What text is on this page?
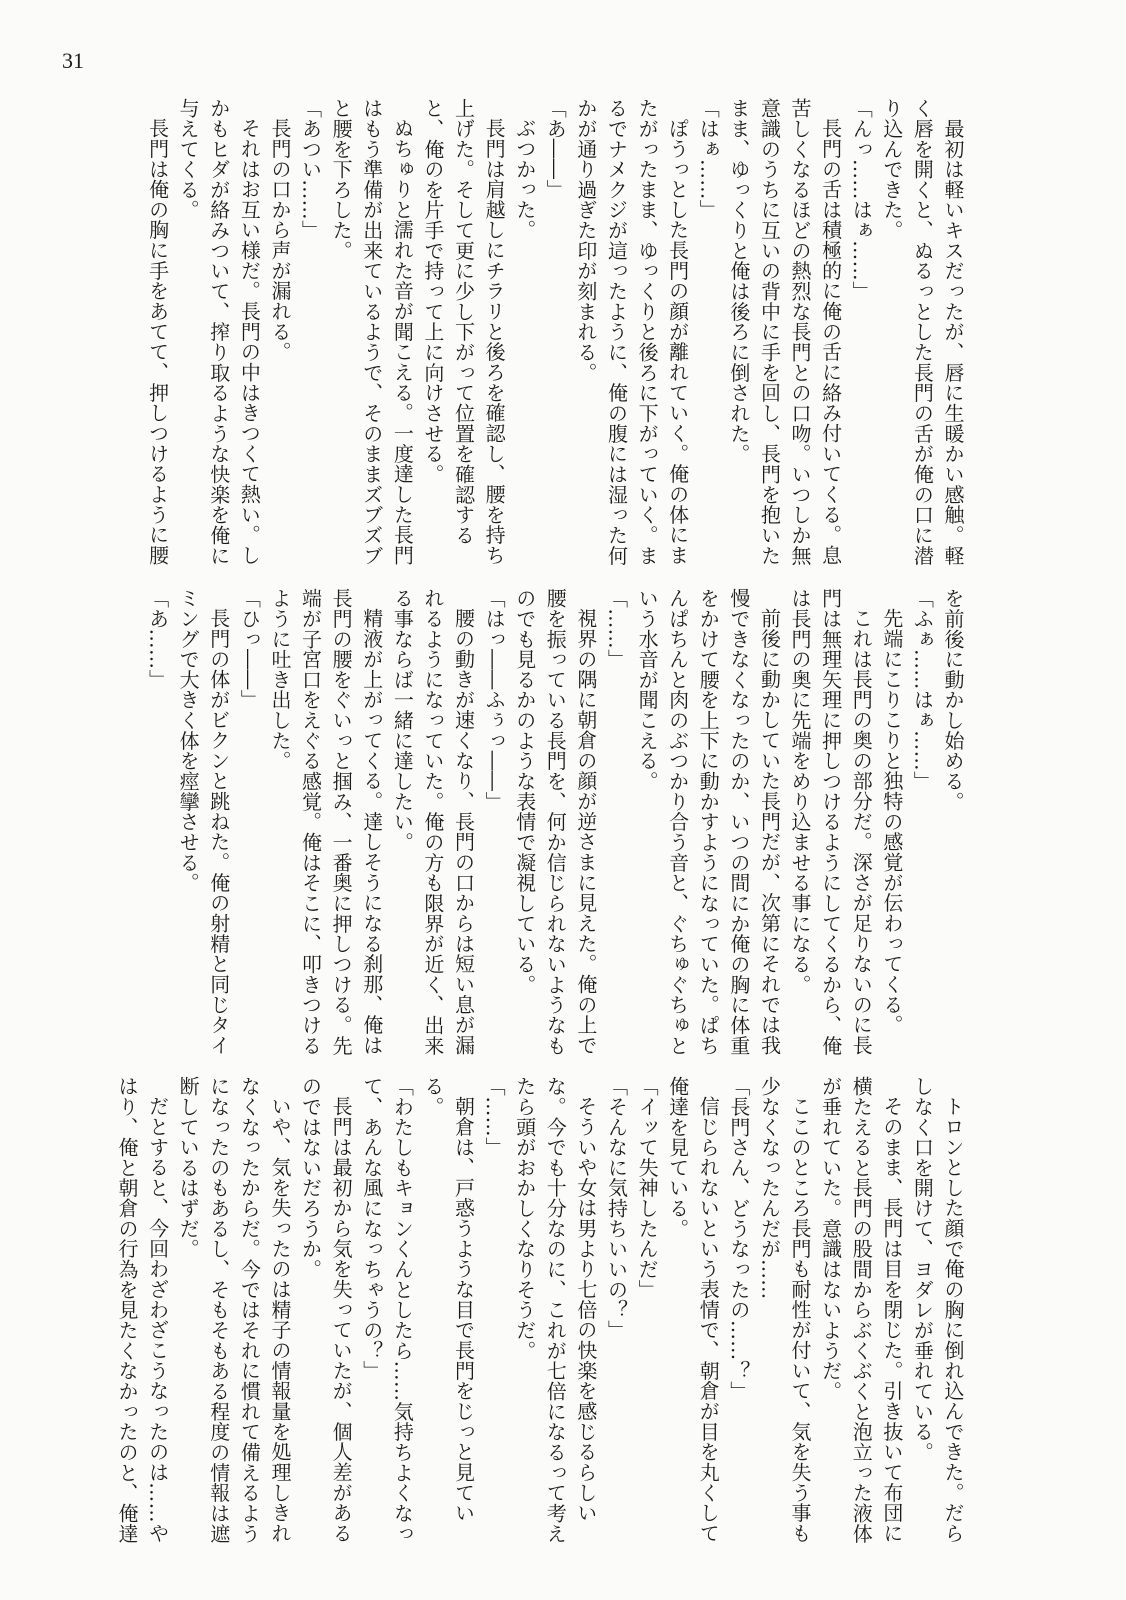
31

　最初は軽いキスだったが、唇に生暖かい感触。軽く唇を開くと、ぬるっとした長門の舌が俺の口に潜り込んできた。

「んっ……はぁ……」

長門の舌は積極的に俺の舌に絡み付いてくる。息苦しくなるほどの熱烈な長門との口吻。いつしか無意識のうちに互いの背中に手を回し、長門を抱いたまま、ゆっくりと俺は後ろに倒された。

「はぁ……」

ぽうっとした長門の顔が離れていく。俺の体にまたがったまま、ゆっくりと後ろに下がっていく。まるでナメクジが這ったように、俺の腹には湿った何かが通り過ぎた印が刻まれる。

「あ――」

ぶつかった。

長門は肩越しにチラリと後ろを確認し、腰を持ち上げた。そして更に少し下がって位置を確認すると、俺のを片手で持って上に向けさせる。

ぬちゅりと濡れた音が聞こえる。一度達した長門はもう準備が出来ているようで、そのままズブズブと腰を下ろした。

「あつい……」

長門の口から声が漏れる。

それはお互い様だ。長門の中はきつくて熱い。しかもヒダが絡みついて、搾り取るような快楽を俺に与えてくる。

長門は俺の胸に手をあてて、押しつけるように腰

を前後に動かし始める。

「ふぁ……はぁ……」

先端にこりこりと独特の感覚が伝わってくる。

これは長門の奥の部分だ。深さが足りないのに長門は無理矢理に押しつけるようにしてくるから、俺は長門の奥に先端をめり込ませる事になる。

前後に動かしていた長門だが、次第にそれでは我慢できなくなったのか、いつの間にか俺の胸に体重をかけて腰を上下に動かすようになっていた。ぱちんぱちんと肉のぶつかり合う音と、ぐちゅぐちゅという水音が聞こえる。

「……」

視界の隅に朝倉の顔が逆さまに見えた。俺の上で腰を振っている長門を、何か信じられないようなものでも見るかのような表情で凝視している。

「はっ――ふぅっ――」

腰の動きが速くなり、長門の口からは短い息が漏れるようになっていた。俺の方も限界が近く、出来る事ならば一緒に達したい。

精液が上がってくる。達しそうになる刹那、俺は長門の腰をぐいっと掴み、一番奥に押しつける。先端が子宮口をえぐる感覚。俺はそこに、叩きつけるように吐き出した。

「ひっ――」

長門の体がビクンと跳ねた。俺の射精と同じタイミングで大きく体を痙攣させる。

「あ……」

トロンとした顔で俺の胸に倒れ込んできた。だらしなく口を開けて、ヨダレが垂れている。

そのまま、長門は目を閉じた。引き抜いて布団に横たえると長門の股間からぶくぶくと泡立った液体が垂れていた。意識はないようだ。

ここのところ長門も耐性が付いて、気を失う事も少なくなったんだが……

「長門さん、どうなったの……？」

信じられないという表情で、朝倉が目を丸くして俺達を見ている。

「イッて失神したんだ」

「そんなに気持ちいいの？」

そういや女は男より七倍の快楽を感じるらしいな。今でも十分なのに、これが七倍になるって考えたら頭がおかしくなりそうだ。

「……」

朝倉は、戸惑うような目で長門をじっと見ている。

「わたしもキョンくんとしたら……気持ちよくなって、あんな風になっちゃうの？」

長門は最初から気を失っていたが、個人差があるのではないだろうか。

いや、気を失ったのは精子の情報量を処理しきれなくなったからだ。今ではそれに慣れて備えるようになったのもあるし、そもそもある程度の情報は遮断しているはずだ。

だとすると、今回わざわざこうなったのは……やはり、俺と朝倉の行為を見たくなかったのと、俺達
